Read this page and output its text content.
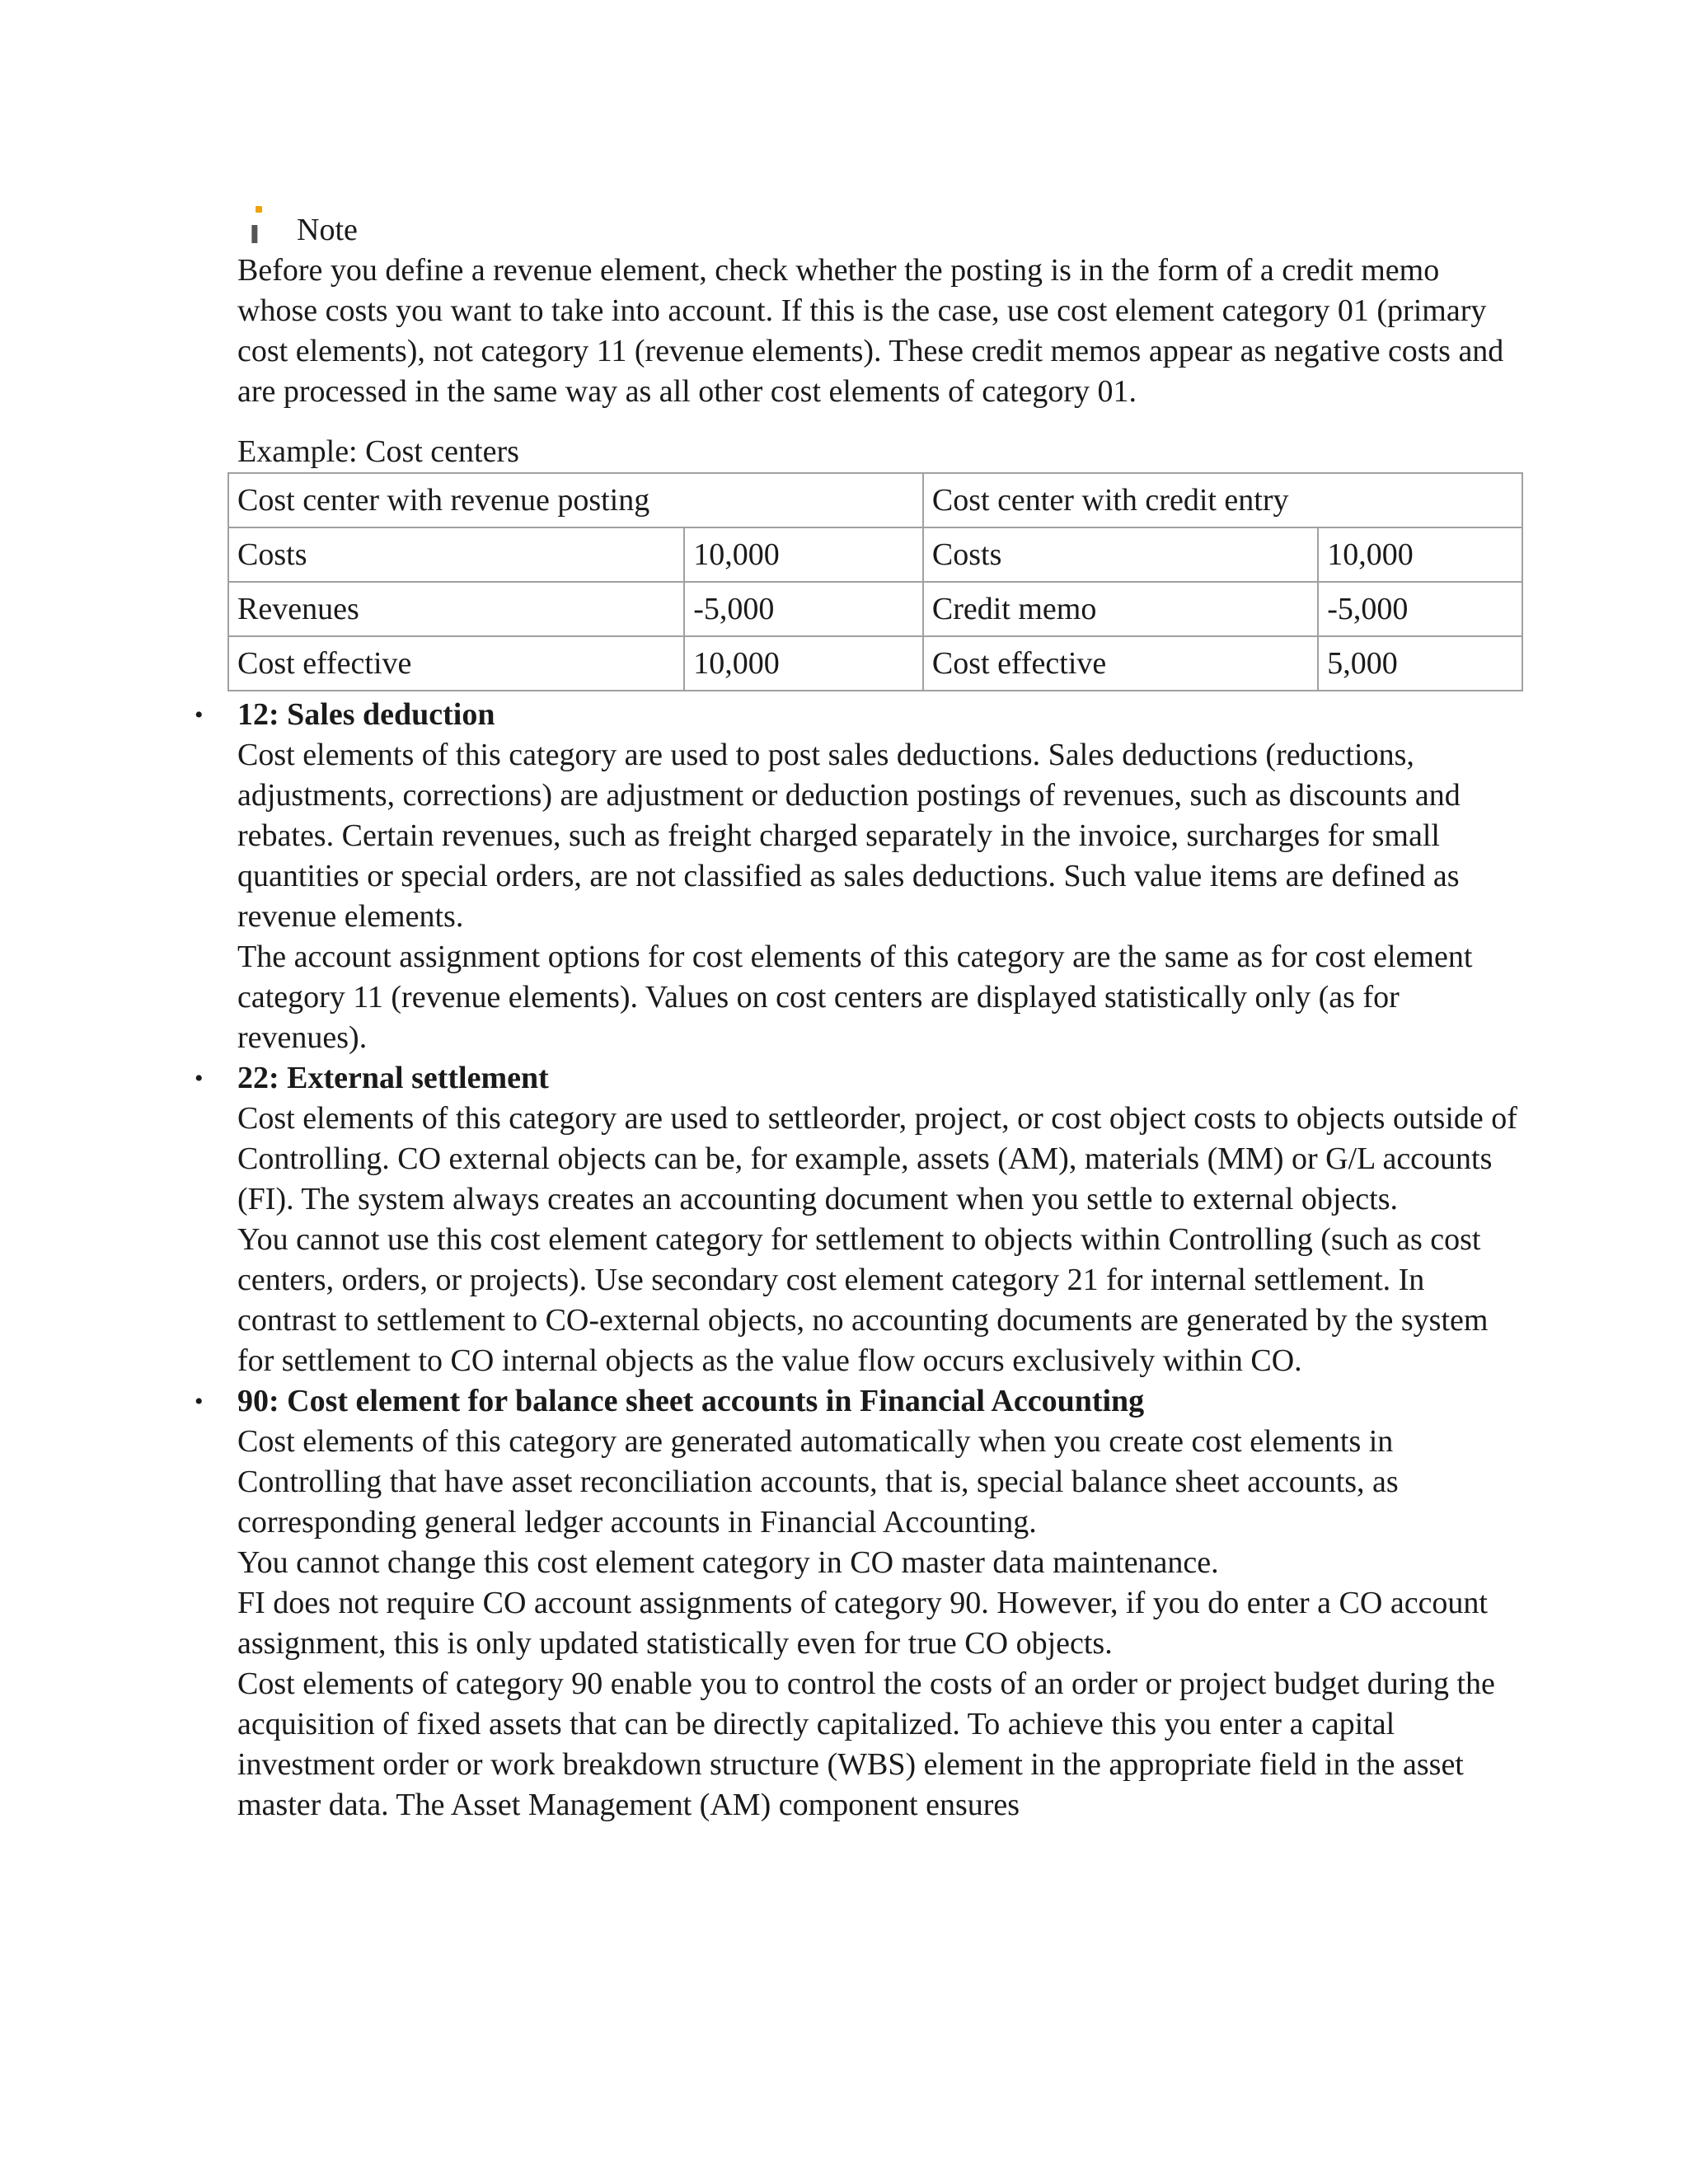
ı Note

Before you define a revenue element, check whether the posting is in the form of a credit memo whose costs you want to take into account. If this is the case, use cost element category 01 (primary cost elements), not category 11 (revenue elements). These credit memos appear as negative costs and are processed in the same way as all other cost elements of category 01.

Example: Cost centers

Cost center with revenue posting		Cost center with credit entry	
Costs	10,000	Costs	10,000
Revenues	-5,000	Credit memo	-5,000
Cost effective	10,000	Cost effective	5,000
• 12: Sales deduction

Cost elements of this category are used to post sales deductions. Sales deductions (reductions, adjustments, corrections) are adjustment or deduction postings of revenues, such as discounts and rebates. Certain revenues, such as freight charged separately in the invoice, surcharges for small quantities or special orders, are not classified as sales deductions. Such value items are defined as revenue elements.

The account assignment options for cost elements of this category are the same as for cost element category 11 (revenue elements). Values on cost centers are displayed statistically only (as for revenues).

• 22: External settlement

Cost elements of this category are used to settleorder, project, or cost object costs to objects outside of Controlling. CO external objects can be, for example, assets (AM), materials (MM) or G/L accounts (FI). The system always creates an accounting document when you settle to external objects.

You cannot use this cost element category for settlement to objects within Controlling (such as cost centers, orders, or projects). Use secondary cost element category 21 for internal settlement. In contrast to settlement to CO-external objects, no accounting documents are generated by the system for settlement to CO internal objects as the value flow occurs exclusively within CO.

• 90: Cost element for balance sheet accounts in Financial Accounting

Cost elements of this category are generated automatically when you create cost elements in Controlling that have asset reconciliation accounts, that is, special balance sheet accounts, as corresponding general ledger accounts in Financial Accounting.

You cannot change this cost element category in CO master data maintenance.

FI does not require CO account assignments of category 90. However, if you do enter a CO account assignment, this is only updated statistically even for true CO objects.

Cost elements of category 90 enable you to control the costs of an order or project budget during the acquisition of fixed assets that can be directly capitalized. To achieve this you enter a capital investment order or work breakdown structure (WBS) element in the appropriate field in the asset master data. The Asset Management (AM) component ensures
